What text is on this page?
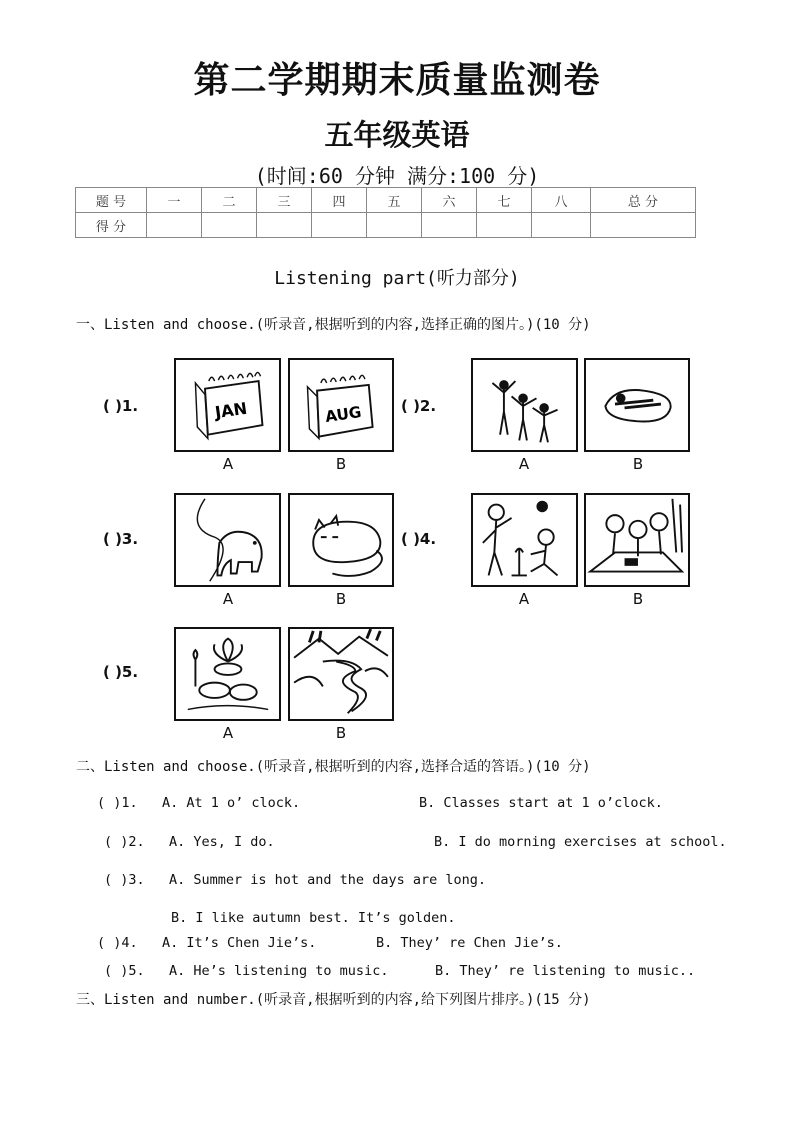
第二学期期末质量监测卷
五年级英语
(时间:60 分钟 满分:100 分)
题 号	一	二	三	四	五	六	七	八	总 分
得 分									
Listening part(听力部分)
一、Listen and choose.(听录音,根据听到的内容,选择正确的图片。)(10 分)
( )1.	JAN	AUG
A	B
( )2.
A	B
( )3.
A	B
( )4.
A	B
( )5.
A	B
二、Listen and choose.(听录音,根据听到的内容,选择合适的答语。)(10 分)
( )1. A. At 1 o’ clock.	B. Classes start at 1 o’clock.
( )2. A. Yes, I do.	B. I do morning exercises at school.
( )3. A. Summer is hot and the days are long.
B. I like autumn best. It’s golden.
( )4. A. It’s Chen Jie’s.	B. They’ re Chen Jie’s.
( )5. A. He’s listening to music.	B. They’ re listening to music..
三、Listen and number.(听录音,根据听到的内容,给下列图片排序。)(15 分)
